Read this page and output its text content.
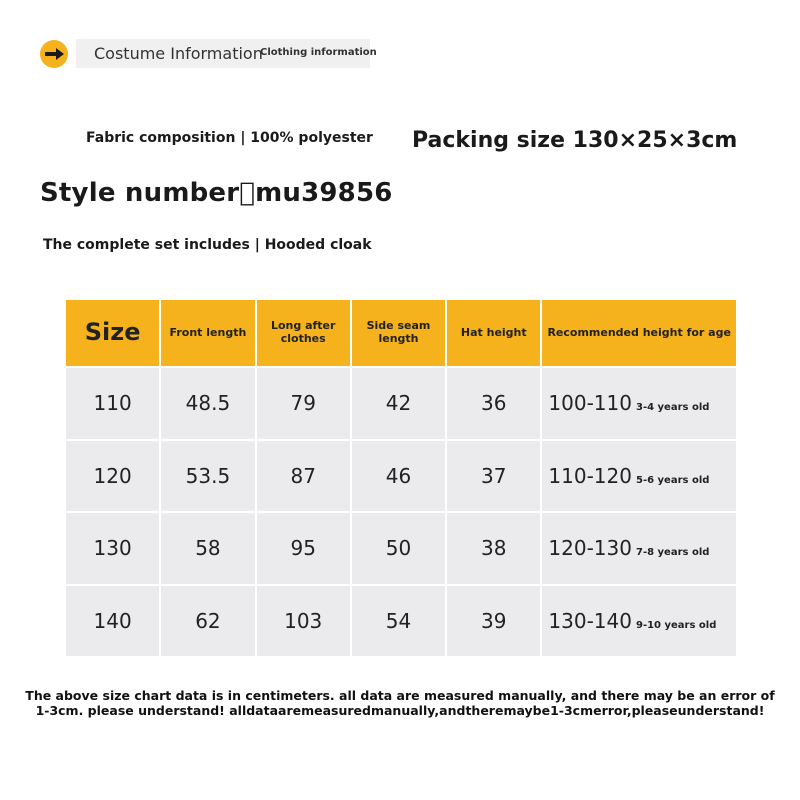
Costume Information
Clothing information
Fabric composition | 100% polyester Packing size 130×25×3cm
Style number mu39856
The complete set includes | Hooded cloak
Size	Front length	Long after clothes	Side seam length	Hat height	Recommended height for age
110	48.5	79	42	36	100-110 3-4 years old
120	53.5	87	46	37	110-120 5-6 years old
130	58	95	50	38	120-130 7-8 years old
140	62	103	54	39	130-140 9-10 years old
The above size chart data is in centimeters. all data are measured manually, and there may be an error of 1-3cm. please understand! alldataaremeasuredmanually,andtheremaybe1-3cmerror,pleaseunderstand!
